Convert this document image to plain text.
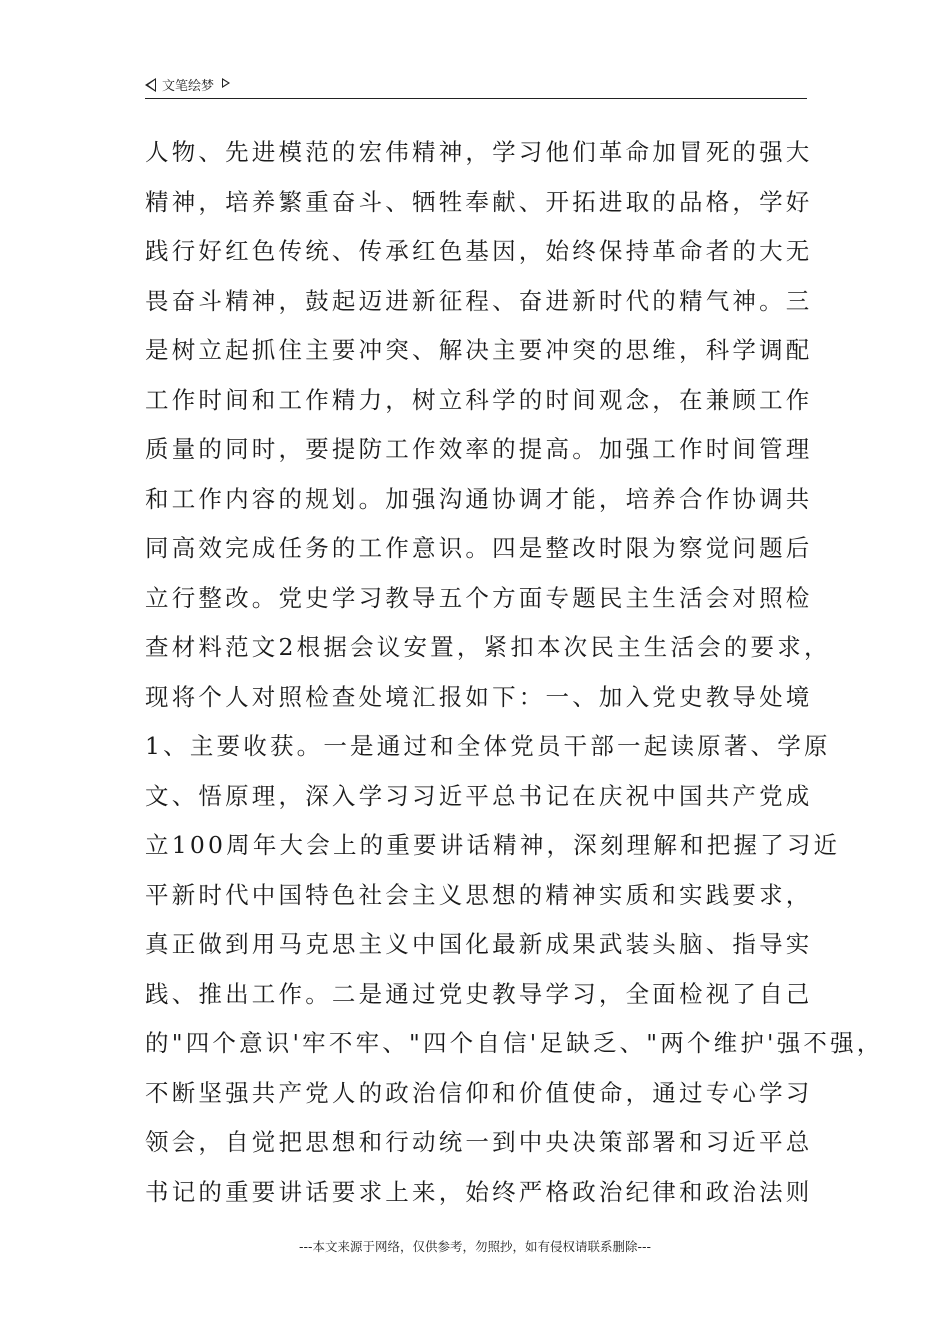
文笔绘梦
人物、先进模范的宏伟精神，学习他们革命加冒死的强大
精神，培养繁重奋斗、牺牲奉献、开拓进取的品格，学好
践行好红色传统、传承红色基因，始终保持革命者的大无
畏奋斗精神，鼓起迈进新征程、奋进新时代的精气神。三
是树立起抓住主要冲突、解决主要冲突的思维，科学调配
工作时间和工作精力，树立科学的时间观念，在兼顾工作
质量的同时，要提防工作效率的提高。加强工作时间管理
和工作内容的规划。加强沟通协调才能，培养合作协调共
同高效完成任务的工作意识。四是整改时限为察觉问题后
立行整改。党史学习教导五个方面专题民主生活会对照检
查材料范文2根据会议安置，紧扣本次民主生活会的要求，
现将个人对照检查处境汇报如下：一、加入党史教导处境
1、主要收获。一是通过和全体党员干部一起读原著、学原
文、悟原理，深入学习习近平总书记在庆祝中国共产党成
立100周年大会上的重要讲话精神，深刻理解和把握了习近
平新时代中国特色社会主义思想的精神实质和实践要求，
真正做到用马克思主义中国化最新成果武装头脑、指导实
践、推出工作。二是通过党史教导学习，全面检视了自己
的"四个意识'牢不牢、"四个自信'足缺乏、"两个维护'强不强，
不断坚强共产党人的政治信仰和价值使命，通过专心学习
领会，自觉把思想和行动统一到中央决策部署和习近平总
书记的重要讲话要求上来，始终严格政治纪律和政治法则
---本文来源于网络，仅供参考，勿照抄，如有侵权请联系删除---
